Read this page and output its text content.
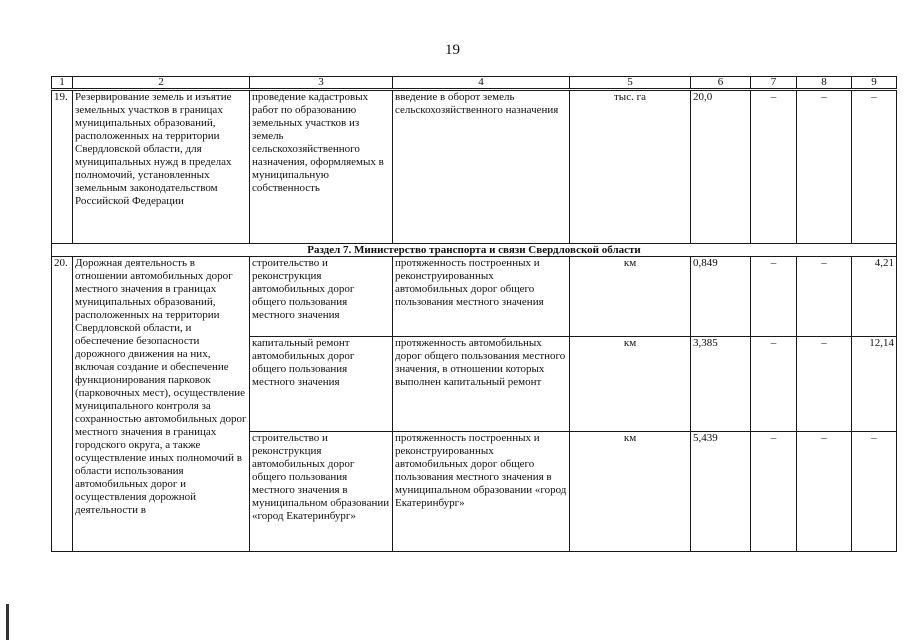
19
1	2	3	4	5	6	7	8	9
19.	Резервирование земель и изъятие земельных участков в границах муниципальных образований, расположенных на территории Свердловской области, для муниципальных нужд в пределах полномочий, установленных земельным законодательством Российской Федерации	проведение кадастровых работ по образованию земельных участков из земель сельскохозяйственного назначения, оформляемых в муниципальную собственность	введение в оборот земель сельскохозяйственного назначения	тыс. га	20,0	–	–	–
Раздел 7. Министерство транспорта и связи Свердловской области								
20.	Дорожная деятельность в отношении автомобильных дорог местного значения в границах муниципальных образований, расположенных на территории Свердловской области, и обеспечение безопасности дорожного движения на них, включая создание и обеспечение функционирования парковок (парковочных мест), осуществление муниципального контроля за сохранностью автомобильных дорог местного значения в границах городского округа, а также осуществление иных полномочий в области использования автомобильных дорог и осуществления дорожной деятельности в	строительство и реконструкция автомобильных дорог общего пользования местного значения	протяженность построенных и реконструированных автомобильных дорог общего пользования местного значения	км	0,849	–	–	4,21
		капитальный ремонт автомобильных дорог общего пользования местного значения	протяженность автомобильных дорог общего пользования местного значения, в отношении которых выполнен капитальный ремонт	км	3,385	–	–	12,14
		строительство и реконструкция автомобильных дорог общего пользования местного значения в муниципальном образовании «город Екатеринбург»	протяженность построенных и реконструированных автомобильных дорог общего пользования местного значения в муниципальном образовании «город Екатеринбург»	км	5,439	–	–	–
